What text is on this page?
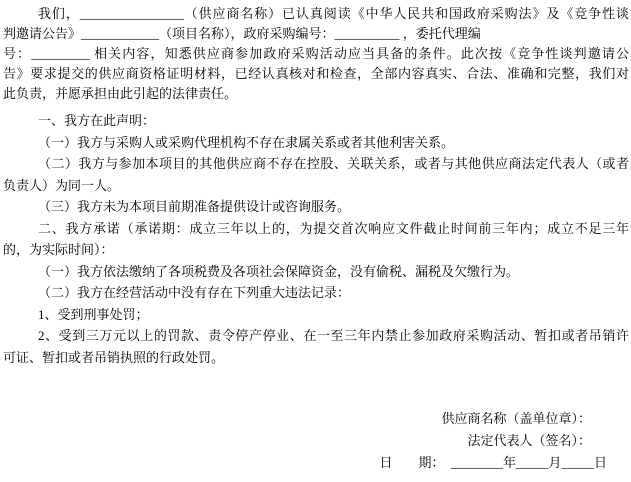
我们，________________（供应商名称）已认真阅读《中华人民共和国政府采购法》及《竞争性谈
判邀请公告》____________（项目名称），政府采购编号：__________ ，委托代理编
号：_________ 相关内容，知悉供应商参加政府采购活动应当具备的条件。此次按《竞争性谈判邀请公
告》要求提交的供应商资格证明材料，已经认真核对和检查，全部内容真实、合法、准确和完整，我们对
此负责，并愿承担由此引起的法律责任。
一、我方在此声明：
（一）我方与采购人或采购代理机构不存在隶属关系或者其他利害关系。
（二）我方与参加本项目的其他供应商不存在控股、关联关系，或者与其他供应商法定代表人（或者
负责人）为同一人。
（三）我方未为本项目前期准备提供设计或咨询服务。
二、我方承诺（承诺期：成立三年以上的，为提交首次响应文件截止时间前三年内；成立不足三年
的，为实际时间）：
（一）我方依法缴纳了各项税费及各项社会保障资金，没有偷税、漏税及欠缴行为。
（二）我方在经营活动中没有存在下列重大违法记录：
1、受到刑事处罚；
2、受到三万元以上的罚款、责令停产停业、在一至三年内禁止参加政府采购活动、暂扣或者吊销许
可证、暂扣或者吊销执照的行政处罚。
供应商名称（盖单位章）：
法定代表人（签名）：
日        期：  ________年_____月_____日
